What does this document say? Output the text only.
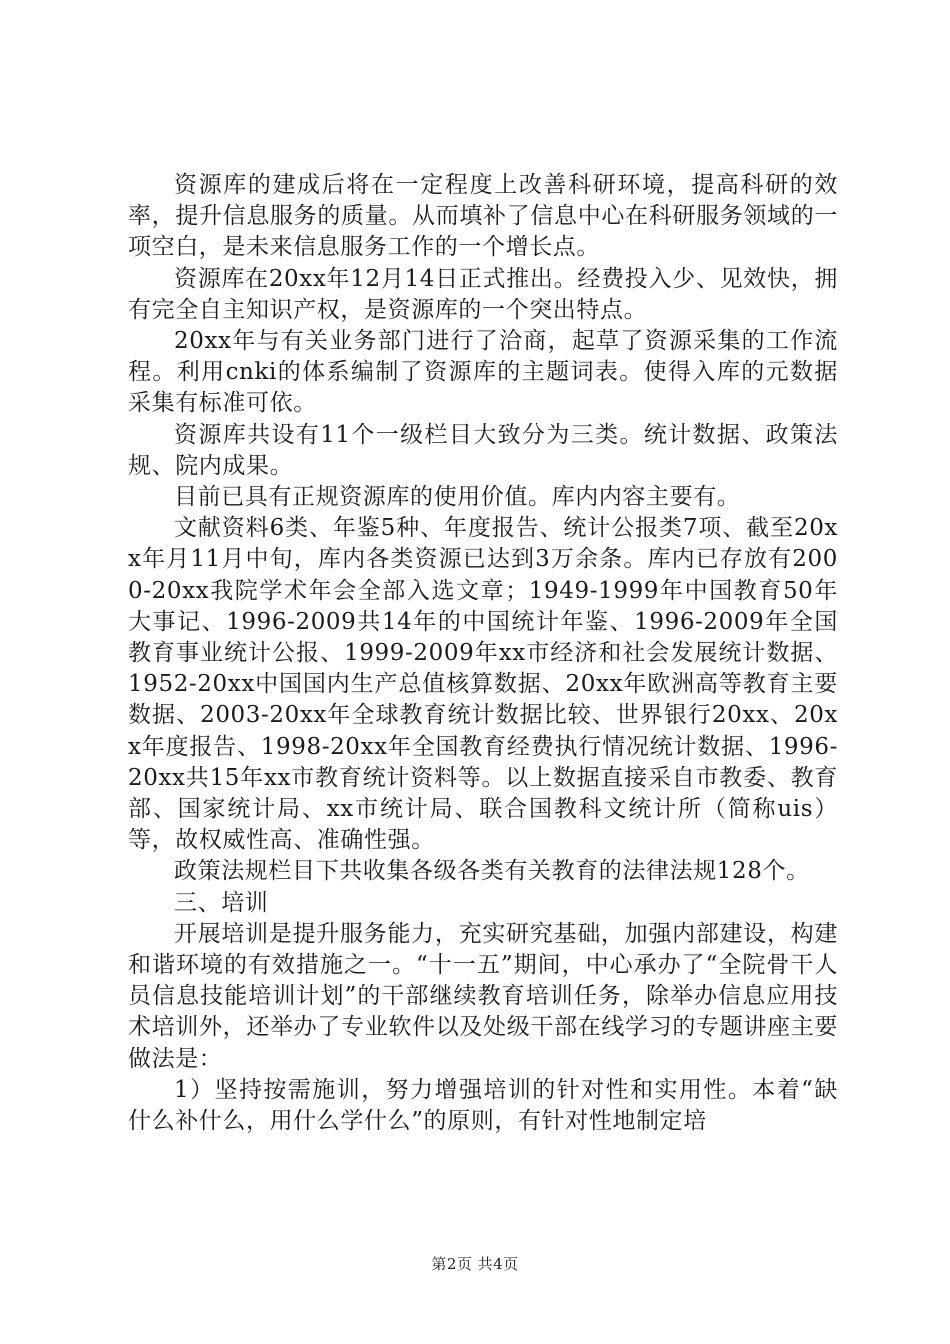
资源库的建成后将在一定程度上改善科研环境，提高科研的效率，提升信息服务的质量。从而填补了信息中心在科研服务领域的一项空白，是未来信息服务工作的一个增长点。

资源库在20xx年12月14日正式推出。经费投入少、见效快，拥有完全自主知识产权，是资源库的一个突出特点。

20xx年与有关业务部门进行了洽商，起草了资源采集的工作流程。利用cnki的体系编制了资源库的主题词表。使得入库的元数据采集有标准可依。

资源库共设有11个一级栏目大致分为三类。统计数据、政策法规、院内成果。

目前已具有正规资源库的使用价值。库内内容主要有。

文献资料6类、年鉴5种、年度报告、统计公报类7项、截至20xx年月11月中旬，库内各类资源已达到3万余条。库内已存放有2000-20xx我院学术年会全部入选文章；1949-1999年中国教育50年大事记、1996-2009共14年的中国统计年鉴、1996-2009年全国教育事业统计公报、1999-2009年xx市经济和社会发展统计数据、1952-20xx中国国内生产总值核算数据、20xx年欧洲高等教育主要数据、2003-20xx年全球教育统计数据比较、世界银行20xx、20xx年度报告、1998-20xx年全国教育经费执行情况统计数据、1996-20xx共15年xx市教育统计资料等。以上数据直接采自市教委、教育部、国家统计局、xx市统计局、联合国教科文统计所（简称uis）等，故权威性高、准确性强。

政策法规栏目下共收集各级各类有关教育的法律法规128个。

三、培训

开展培训是提升服务能力，充实研究基础，加强内部建设，构建和谐环境的有效措施之一。“十一五”期间，中心承办了“全院骨干人员信息技能培训计划”的干部继续教育培训任务，除举办信息应用技术培训外，还举办了专业软件以及处级干部在线学习的专题讲座主要做法是：

1）坚持按需施训，努力增强培训的针对性和实用性。本着“缺什么补什么，用什么学什么”的原则，有针对性地制定培

第2页 共4页
